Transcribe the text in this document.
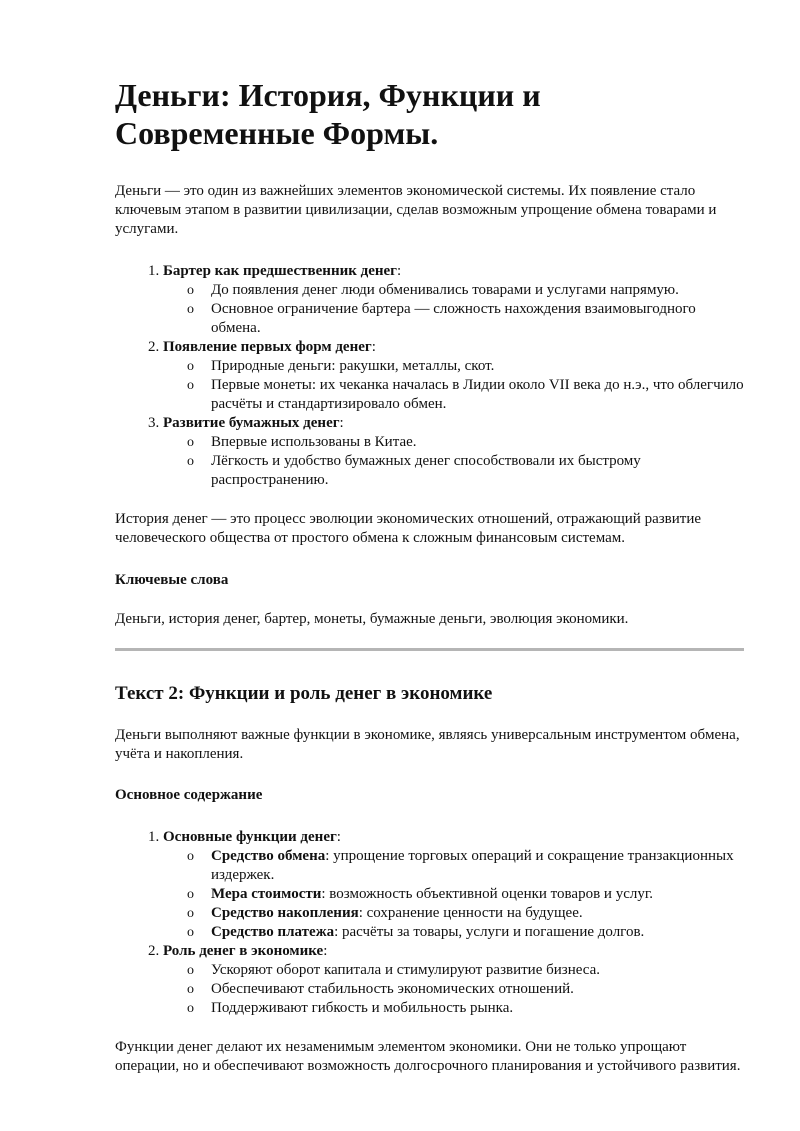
Деньги: История, Функции и
Современные Формы.

Деньги — это один из важнейших элементов экономической системы. Их появление стало ключевым этапом в развитии цивилизации, сделав возможным упрощение обмена товарами и услугами.

1. Бартер как предшественник денег:
o До появления денег люди обменивались товарами и услугами напрямую.
o Основное ограничение бартера — сложность нахождения взаимовыгодного обмена.
2. Появление первых форм денег:
o Природные деньги: ракушки, металлы, скот.
o Первые монеты: их чеканка началась в Лидии около VII века до н.э., что облегчило расчёты и стандартизировало обмен.
3. Развитие бумажных денег:
o Впервые использованы в Китае.
o Лёгкость и удобство бумажных денег способствовали их быстрому распространению.

История денег — это процесс эволюции экономических отношений, отражающий развитие человеческого общества от простого обмена к сложным финансовым системам.

Ключевые слова

Деньги, история денег, бартер, монеты, бумажные деньги, эволюция экономики.

Текст 2: Функции и роль денег в экономике

Деньги выполняют важные функции в экономике, являясь универсальным инструментом обмена, учёта и накопления.

Основное содержание
1. Основные функции денег:
o Средство обмена: упрощение торговых операций и сокращение транзакционных издержек.
o Мера стоимости: возможность объективной оценки товаров и услуг.
o Средство накопления: сохранение ценности на будущее.
o Средство платежа: расчёты за товары, услуги и погашение долгов.
2. Роль денег в экономике:
o Ускоряют оборот капитала и стимулируют развитие бизнеса.
o Обеспечивают стабильность экономических отношений.
o Поддерживают гибкость и мобильность рынка.

Функции денег делают их незаменимым элементом экономики. Они не только упрощают операции, но и обеспечивают возможность долгосрочного планирования и устойчивого развития.
